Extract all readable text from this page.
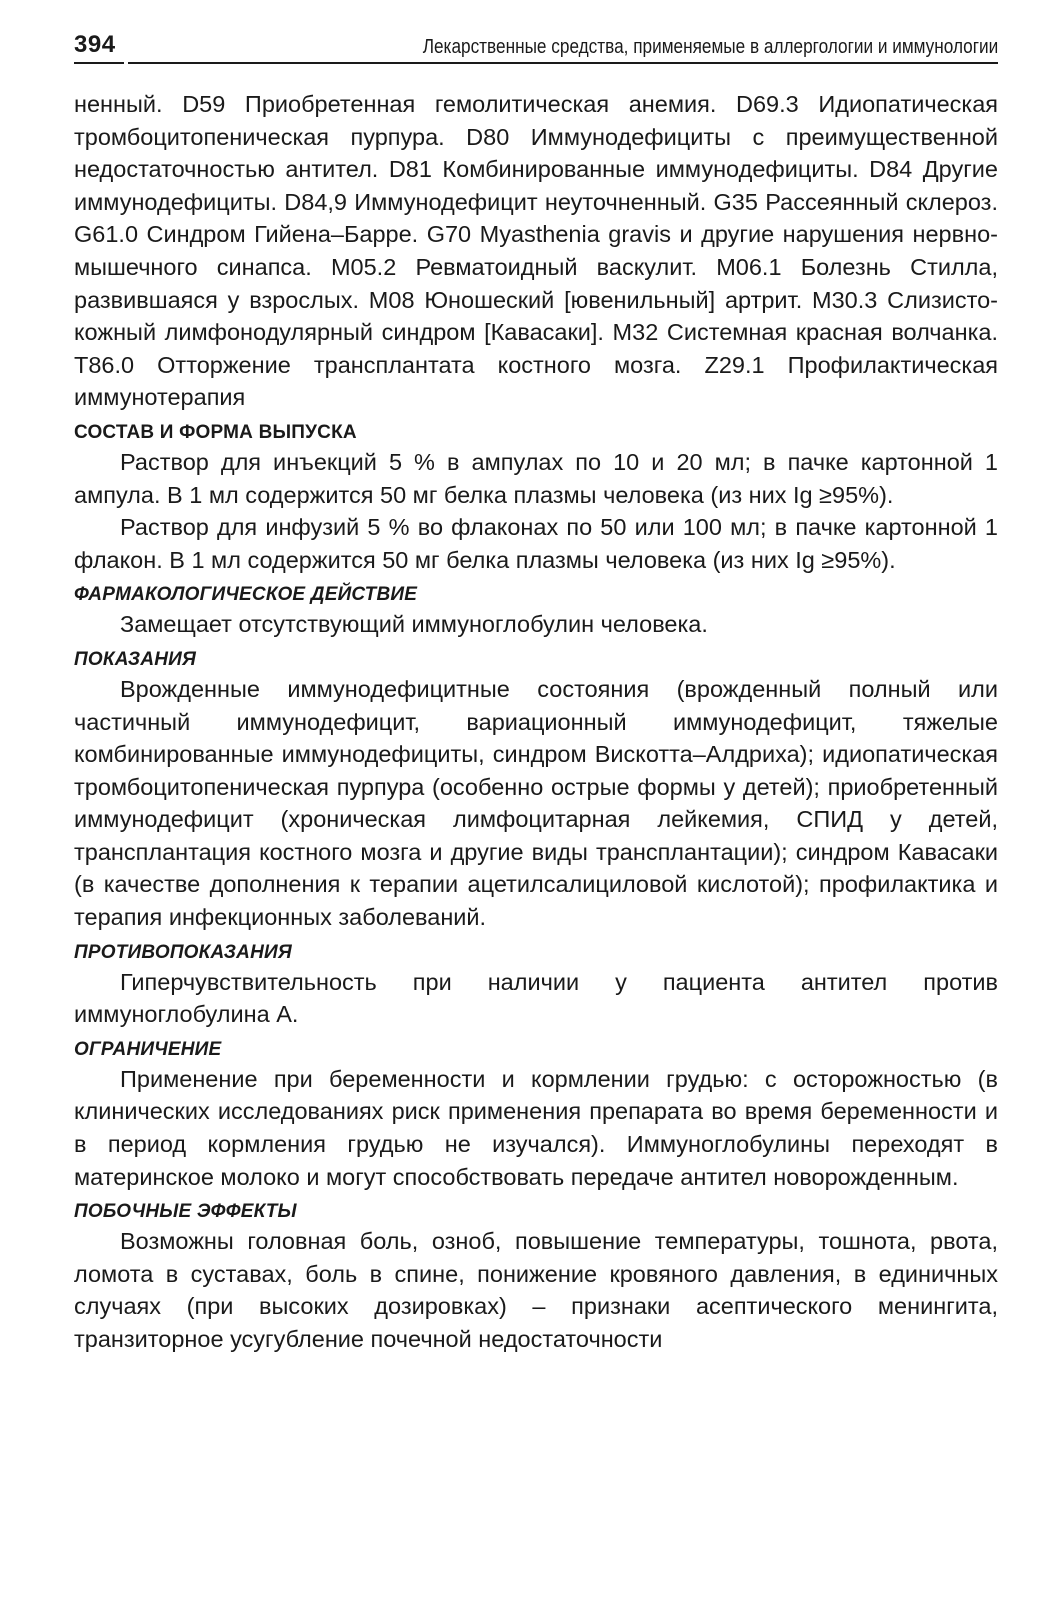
394	Лекарственные средства, применяемые в аллергологии и иммунологии

ненный. D59 Приобретенная гемолитическая анемия. D69.3 Идиопатическая тромбоцитопеническая пурпура. D80 Иммунодефициты с преимущественной недостаточностью антител. D81 Комбинированные иммунодефициты. D84 Другие иммунодефициты. D84,9 Иммунодефицит неуточненный. G35 Рассеянный склероз. G61.0 Синдром Гийена–Барре. G70 Myasthenia gravis и другие нарушения нервно-мышечного синапса. M05.2 Ревматоидный васкулит. M06.1 Болезнь Стилла, развившаяся у взрослых. M08 Юношеский [ювенильный] артрит. M30.3 Слизисто-кожный лимфонодулярный синдром [Кавасаки]. M32 Системная красная волчанка. T86.0 Отторжение трансплантата костного мозга. Z29.1 Профилактическая иммунотерапия

СОСТАВ И ФОРМА ВЫПУСКА

Раствор для инъекций 5 % в ампулах по 10 и 20 мл; в пачке картонной 1 ампула. В 1 мл содержится 50 мг белка плазмы человека (из них Ig ≥95%).

Раствор для инфузий 5 % во флаконах по 50 или 100 мл; в пачке картонной 1 флакон. В 1 мл содержится 50 мг белка плазмы человека (из них Ig ≥95%).

ФАРМАКОЛОГИЧЕСКОЕ ДЕЙСТВИЕ

Замещает отсутствующий иммуноглобулин человека.

ПОКАЗАНИЯ

Врожденные иммунодефицитные состояния (врожденный полный или частичный иммунодефицит, вариационный иммунодефицит, тяжелые комбинированные иммунодефициты, синдром Вискотта–Алдриха); идиопатическая тромбоцитопеническая пурпура (особенно острые формы у детей); приобретенный иммунодефицит (хроническая лимфоцитарная лейкемия, СПИД у детей, трансплантация костного мозга и другие виды трансплантации); синдром Кавасаки (в качестве дополнения к терапии ацетилсалициловой кислотой); профилактика и терапия инфекционных заболеваний.

ПРОТИВОПОКАЗАНИЯ

Гиперчувствительность при наличии у пациента антител против иммуноглобулина А.

ОГРАНИЧЕНИЕ

Применение при беременности и кормлении грудью: с осторожностью (в клинических исследованиях риск применения препарата во время беременности и в период кормления грудью не изучался). Иммуноглобулины переходят в материнское молоко и могут способствовать передаче антител новорожденным.

ПОБОЧНЫЕ ЭФФЕКТЫ

Возможны головная боль, озноб, повышение температуры, тошнота, рвота, ломота в суставах, боль в спине, понижение кровяного давления, в единичных случаях (при высоких дозировках) – признаки асептического менингита, транзиторное усугубление почечной недостаточности
